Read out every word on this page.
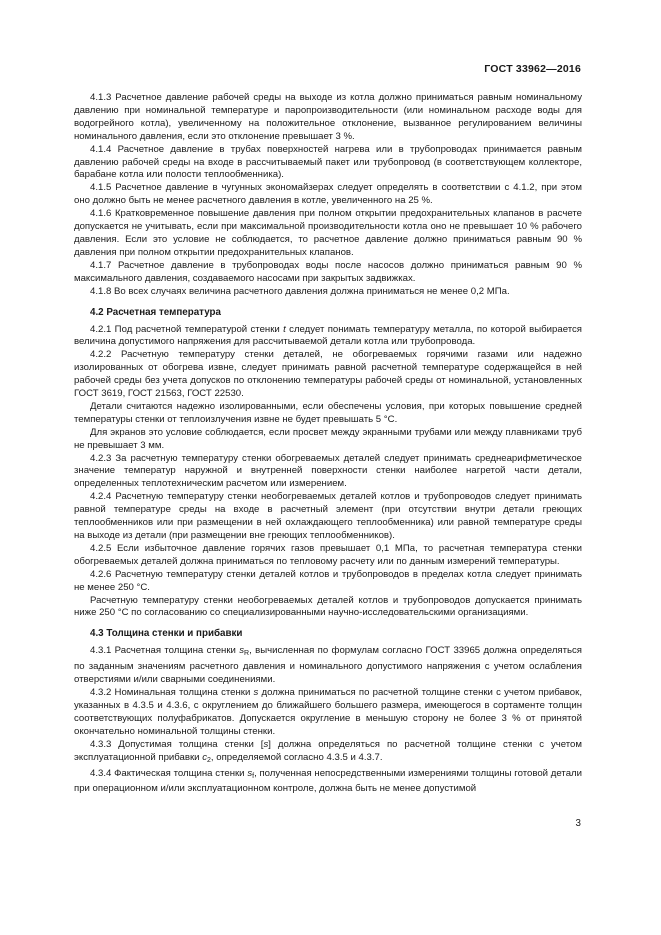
ГОСТ 33962—2016

4.1.3 Расчетное давление рабочей среды на выходе из котла должно приниматься равным номинальному давлению при номинальной температуре и паропроизводительности (или номинальном расходе воды для водогрейного котла), увеличенному на положительное отклонение, вызванное регулированием величины номинального давления, если это отклонение превышает 3 %.

4.1.4 Расчетное давление в трубах поверхностей нагрева или в трубопроводах принимается равным давлению рабочей среды на входе в рассчитываемый пакет или трубопровод (в соответствующем коллекторе, барабане котла или полости теплообменника).

4.1.5 Расчетное давление в чугунных экономайзерах следует определять в соответствии с 4.1.2, при этом оно должно быть не менее расчетного давления в котле, увеличенного на 25 %.

4.1.6 Кратковременное повышение давления при полном открытии предохранительных клапанов в расчете допускается не учитывать, если при максимальной производительности котла оно не превышает 10 % рабочего давления. Если это условие не соблюдается, то расчетное давление должно приниматься равным 90 % давления при полном открытии предохранительных клапанов.

4.1.7 Расчетное давление в трубопроводах воды после насосов должно приниматься равным 90 % максимального давления, создаваемого насосами при закрытых задвижках.

4.1.8 Во всех случаях величина расчетного давления должна приниматься не менее 0,2 МПа.

4.2 Расчетная температура

4.2.1 Под расчетной температурой стенки t следует понимать температуру металла, по которой выбирается величина допустимого напряжения для рассчитываемой детали котла или трубопровода.

4.2.2 Расчетную температуру стенки деталей, не обогреваемых горячими газами или надежно изолированных от обогрева извне, следует принимать равной расчетной температуре содержащейся в ней рабочей среды без учета допусков по отклонению температуры рабочей среды от номинальной, установленных ГОСТ 3619, ГОСТ 21563, ГОСТ 22530.

Детали считаются надежно изолированными, если обеспечены условия, при которых повышение средней температуры стенки от теплоизлучения извне не будет превышать 5 °С.

Для экранов это условие соблюдается, если просвет между экранными трубами или между плавниками труб не превышает 3 мм.

4.2.3 За расчетную температуру стенки обогреваемых деталей следует принимать среднеарифметическое значение температур наружной и внутренней поверхности стенки наиболее нагретой части детали, определенных теплотехническим расчетом или измерением.

4.2.4 Расчетную температуру стенки необогреваемых деталей котлов и трубопроводов следует принимать равной температуре среды на входе в расчетный элемент (при отсутствии внутри детали греющих теплообменников или при размещении в ней охлаждающего теплообменника) или равной температуре среды на выходе из детали (при размещении вне греющих теплообменников).

4.2.5 Если избыточное давление горячих газов превышает 0,1 МПа, то расчетная температура стенки обогреваемых деталей должна приниматься по тепловому расчету или по данным измерений температуры.

4.2.6 Расчетную температуру стенки деталей котлов и трубопроводов в пределах котла следует принимать не менее 250 °С.

Расчетную температуру стенки необогреваемых деталей котлов и трубопроводов допускается принимать ниже 250 °С по согласованию со специализированными научно-исследовательскими организациями.

4.3 Толщина стенки и прибавки

4.3.1 Расчетная толщина стенки $s_R$, вычисленная по формулам согласно ГОСТ 33965 должна определяться по заданным значениям расчетного давления и номинального допустимого напряжения с учетом ослабления отверстиями и/или сварными соединениями.

4.3.2 Номинальная толщина стенки s должна приниматься по расчетной толщине стенки с учетом прибавок, указанных в 4.3.5 и 4.3.6, с округлением до ближайшего большего размера, имеющегося в сортаменте толщин соответствующих полуфабрикатов. Допускается округление в меньшую сторону не более 3 % от принятой окончательно номинальной толщины стенки.

4.3.3 Допустимая толщина стенки [s] должна определяться по расчетной толщине стенки с учетом эксплуатационной прибавки $c_2$, определяемой согласно 4.3.5 и 4.3.7.

4.3.4 Фактическая толщина стенки $s_f$, полученная непосредственными измерениями толщины готовой детали при операционном и/или эксплуатационном контроле, должна быть не менее допустимой

3
